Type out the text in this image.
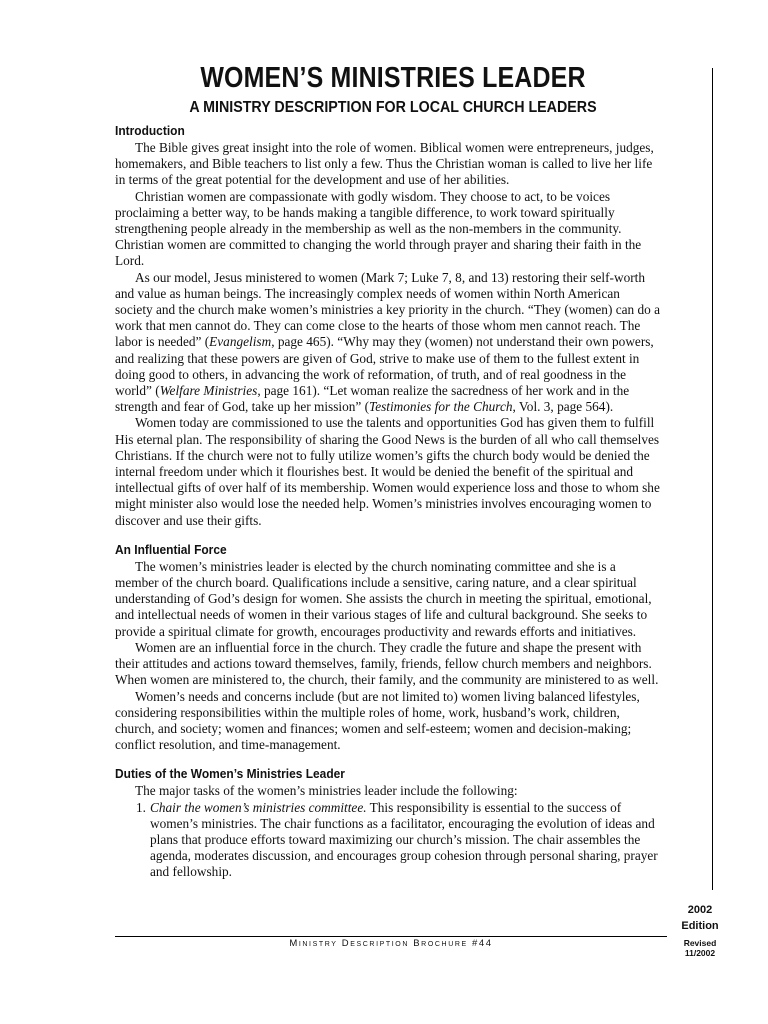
WOMEN’S MINISTRIES LEADER
A MINISTRY DESCRIPTION FOR LOCAL CHURCH LEADERS
Introduction

The Bible gives great insight into the role of women. Biblical women were entrepreneurs, judges, homemakers, and Bible teachers to list only a few. Thus the Christian woman is called to live her life in terms of the great potential for the development and use of her abilities.

Christian women are compassionate with godly wisdom. They choose to act, to be voices proclaiming a better way, to be hands making a tangible difference, to work toward spiritually strengthening people already in the membership as well as the non-members in the community. Christian women are committed to changing the world through prayer and sharing their faith in the Lord.

As our model, Jesus ministered to women (Mark 7; Luke 7, 8, and 13) restoring their self-worth and value as human beings. The increasingly complex needs of women within North American society and the church make women’s ministries a key priority in the church. “They (women) can do a work that men cannot do. They can come close to the hearts of those whom men cannot reach. The labor is needed” (Evangelism, page 465). “Why may they (women) not understand their own powers, and realizing that these powers are given of God, strive to make use of them to the fullest extent in doing good to others, in advancing the work of reformation, of truth, and of real goodness in the world” (Welfare Ministries, page 161). “Let woman realize the sacredness of her work and in the strength and fear of God, take up her mission” (Testimonies for the Church, Vol. 3, page 564).

Women today are commissioned to use the talents and opportunities God has given them to fulfill His eternal plan. The responsibility of sharing the Good News is the burden of all who call themselves Christians. If the church were not to fully utilize women’s gifts the church body would be denied the internal freedom under which it flourishes best. It would be denied the benefit of the spiritual and intellectual gifts of over half of its membership. Women would experience loss and those to whom she might minister also would lose the needed help. Women’s ministries involves encouraging women to discover and use their gifts.

An Influential Force

The women’s ministries leader is elected by the church nominating committee and she is a member of the church board. Qualifications include a sensitive, caring nature, and a clear spiritual understanding of God’s design for women. She assists the church in meeting the spiritual, emotional, and intellectual needs of women in their various stages of life and cultural background. She seeks to provide a spiritual climate for growth, encourages productivity and rewards efforts and initiatives.

Women are an influential force in the church. They cradle the future and shape the present with their attitudes and actions toward themselves, family, friends, fellow church members and neighbors. When women are ministered to, the church, their family, and the community are ministered to as well.

Women’s needs and concerns include (but are not limited to) women living balanced lifestyles, considering responsibilities within the multiple roles of home, work, husband’s work, children, church, and society; women and finances; women and self-esteem; women and decision-making; conflict resolution, and time-management.

Duties of the Women’s Ministries Leader

The major tasks of the women’s ministries leader include the following:

1. Chair the women’s ministries committee. This responsibility is essential to the success of women’s ministries. The chair functions as a facilitator, encouraging the evolution of ideas and plans that produce efforts toward maximizing our church’s mission. The chair assembles the agenda, moderates discussion, and encourages group cohesion through personal sharing, prayer and fellowship.
Ministry Description Brochure #44
2002
Edition
Revised
11/2002
